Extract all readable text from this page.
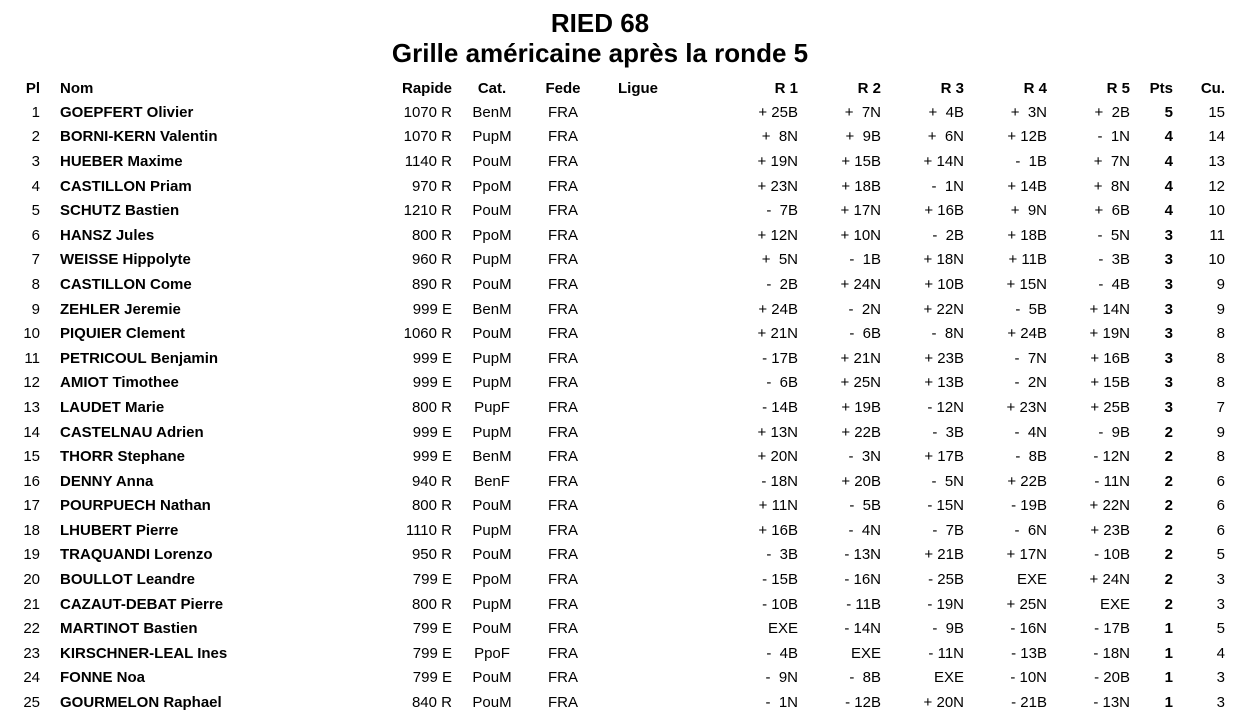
RIED 68
Grille américaine après la ronde 5
Pl	Nom	Rapide	Cat.	Fede	Ligue	R 1	R 2	R 3	R 4	R 5	Pts	Cu.
1	GOEPFERT Olivier	1070 R	BenM	FRA		+ 25B	+  7N	+  4B	+  3N	+  2B	5	15
2	BORNI-KERN Valentin	1070 R	PupM	FRA		+  8N	+  9B	+  6N	+ 12B	-  1N	4	14
3	HUEBER Maxime	1140 R	PouM	FRA		+ 19N	+ 15B	+ 14N	-  1B	+  7N	4	13
4	CASTILLON Priam	970 R	PpoM	FRA		+ 23N	+ 18B	-  1N	+ 14B	+  8N	4	12
5	SCHUTZ Bastien	1210 R	PouM	FRA		-  7B	+ 17N	+ 16B	+  9N	+  6B	4	10
6	HANSZ Jules	800 R	PpoM	FRA		+ 12N	+ 10N	-  2B	+ 18B	-  5N	3	11
7	WEISSE Hippolyte	960 R	PupM	FRA		+  5N	-  1B	+ 18N	+ 11B	-  3B	3	10
8	CASTILLON Come	890 R	PouM	FRA		-  2B	+ 24N	+ 10B	+ 15N	-  4B	3	9
9	ZEHLER Jeremie	999 E	BenM	FRA		+ 24B	-  2N	+ 22N	-  5B	+ 14N	3	9
10	PIQUIER Clement	1060 R	PouM	FRA		+ 21N	-  6B	-  8N	+ 24B	+ 19N	3	8
11	PETRICOUL Benjamin	999 E	PupM	FRA		- 17B	+ 21N	+ 23B	-  7N	+ 16B	3	8
12	AMIOT Timothee	999 E	PupM	FRA		-  6B	+ 25N	+ 13B	-  2N	+ 15B	3	8
13	LAUDET Marie	800 R	PupF	FRA		- 14B	+ 19B	- 12N	+ 23N	+ 25B	3	7
14	CASTELNAU Adrien	999 E	PupM	FRA		+ 13N	+ 22B	-  3B	-  4N	-  9B	2	9
15	THORR Stephane	999 E	BenM	FRA		+ 20N	-  3N	+ 17B	-  8B	- 12N	2	8
16	DENNY Anna	940 R	BenF	FRA		- 18N	+ 20B	-  5N	+ 22B	- 11N	2	6
17	POURPUECH Nathan	800 R	PouM	FRA		+ 11N	-  5B	- 15N	- 19B	+ 22N	2	6
18	LHUBERT Pierre	1110 R	PupM	FRA		+ 16B	-  4N	-  7B	-  6N	+ 23B	2	6
19	TRAQUANDI Lorenzo	950 R	PouM	FRA		-  3B	- 13N	+ 21B	+ 17N	- 10B	2	5
20	BOULLOT Leandre	799 E	PpoM	FRA		- 15B	- 16N	- 25B	EXE	+ 24N	2	3
21	CAZAUT-DEBAT Pierre	800 R	PupM	FRA		- 10B	- 11B	- 19N	+ 25N	EXE	2	3
22	MARTINOT Bastien	799 E	PouM	FRA		EXE	- 14N	-  9B	- 16N	- 17B	1	5
23	KIRSCHNER-LEAL Ines	799 E	PpoF	FRA		-  4B	EXE	- 11N	- 13B	- 18N	1	4
24	FONNE Noa	799 E	PouM	FRA		-  9N	-  8B	EXE	- 10N	- 20B	1	3
25	GOURMELON Raphael	840 R	PouM	FRA		-  1N	- 12B	+ 20N	- 21B	- 13N	1	3
